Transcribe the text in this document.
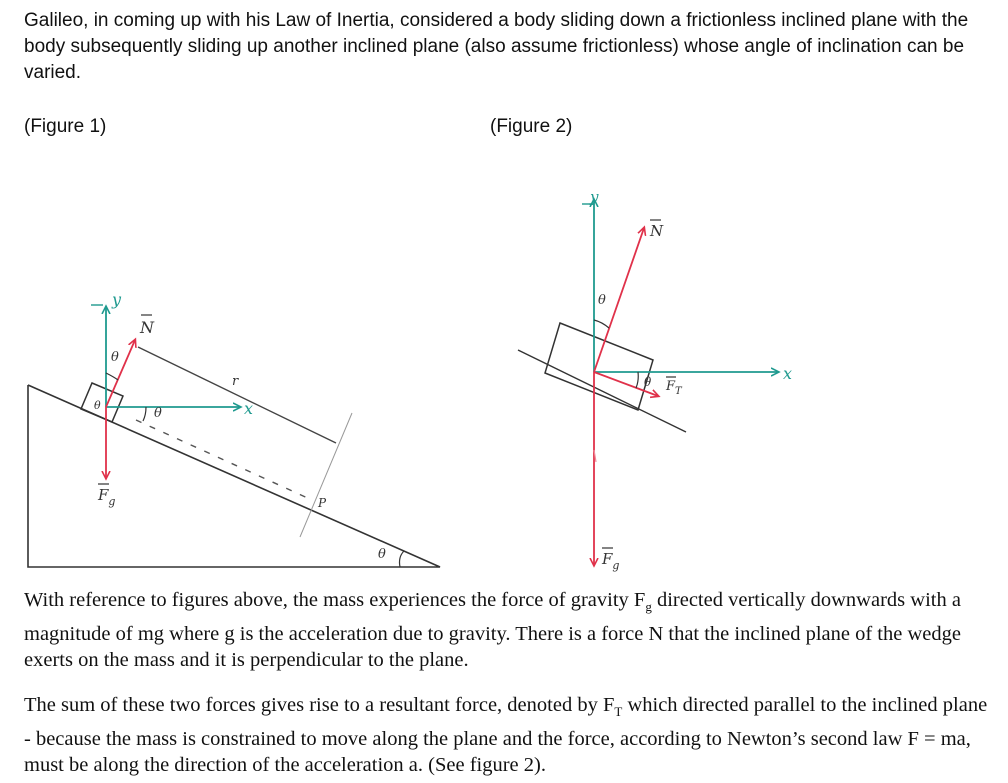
Galileo, in coming up with his Law of Inertia, considered a body sliding down a frictionless inclined plane with the body subsequently sliding up another inclined plane (also assume frictionless) whose angle of inclination can be varied.
(Figure 1)	(Figure 2)
y
x
N
$F_g$
θ
θ
θ
θ
P
r
y
x
N
$F_T$
$F_g$
θ
θ

With reference to figures above, the mass experiences the force of gravity $F_g$ directed vertically downwards with a magnitude of mg where g is the acceleration due to gravity. There is a force N that the inclined plane of the wedge exerts on the mass and it is perpendicular to the plane.

The sum of these two forces gives rise to a resultant force, denoted by $F_T$ which directed parallel to the inclined plane - because the mass is constrained to move along the plane and the force, according to Newton’s second law F = ma, must be along the direction of the acceleration a. (See figure 2).
